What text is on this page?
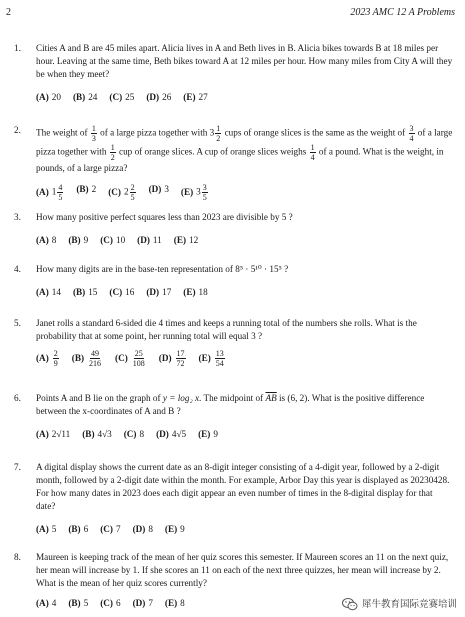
2	2023 AMC 12 A Problems
1.	Cities A and B are 45 miles apart. Alicia lives in A and Beth lives in B. Alicia bikes towards B at 18 miles per hour. Leaving at the same time, Beth bikes toward A at 12 miles per hour. How many miles from City A will they be when they meet?
(A) 20 (B) 24 (C) 25 (D) 26 (E) 27
2.	The weight of $\frac{1}{3}$ of a large pizza together with $3 \frac{1}{2}$ cups of orange slices is the same as the weight of $\frac{3}{4}$ of a large pizza together with $\frac{1}{2}$ cup of orange slices. A cup of orange slices weighs $\frac{1}{4}$ of a pound. What is the weight, in pounds, of a large pizza?
(A) $1 \frac{4}{5} (B)$ 2 (C) $2 \frac{2}{5} (D)$ 3 (E) $3 \frac{3}{5}$
3.	How many positive perfect squares less than 2023 are divisible by 5 ?
(A) 8 (B) 9 (C) 10 (D) 11 (E) 12
4.	How many digits are in the base-ten representation of 8⁵ · 5¹⁰ · 15⁵ ?
(A) 14 (B) 15 (C) 16 (D) 17 (E) 18
5.	Janet rolls a standard 6-sided die 4 times and keeps a running total of the numbers she rolls. What is the probability that at some point, her running total will equal 3 ?
$(A) \frac{2}{9} (B) \frac{49}{216} (C) \frac{25}{108} (D) \frac{17}{72} (E) \frac{13}{54}$
6.	Points A and B lie on the graph of y = log₂ x. The midpoint of $\overline{AB}$ is (6, 2). What is the positive difference between the x-coordinates of A and B ?
(A) 2√11 (B) 4√3 (C) 8 (D) 4√5 (E) 9
7.	A digital display shows the current date as an 8-digit integer consisting of a 4-digit year, followed by a 2-digit month, followed by a 2-digit date within the month. For example, Arbor Day this year is displayed as 20230428. For how many dates in 2023 does each digit appear an even number of times in the 8-digital display for that date?
(A) 5 (B) 6 (C) 7 (D) 8 (E) 9
8.	Maureen is keeping track of the mean of her quiz scores this semester. If Maureen scores an 11 on the next quiz, her mean will increase by 1. If she scores an 11 on each of the next three quizzes, her mean will increase by 2. What is the mean of her quiz scores currently?
(A) 4 (B) 5 (C) 6 (D) 7 (E) 8	犀牛教育国际竞赛培训
